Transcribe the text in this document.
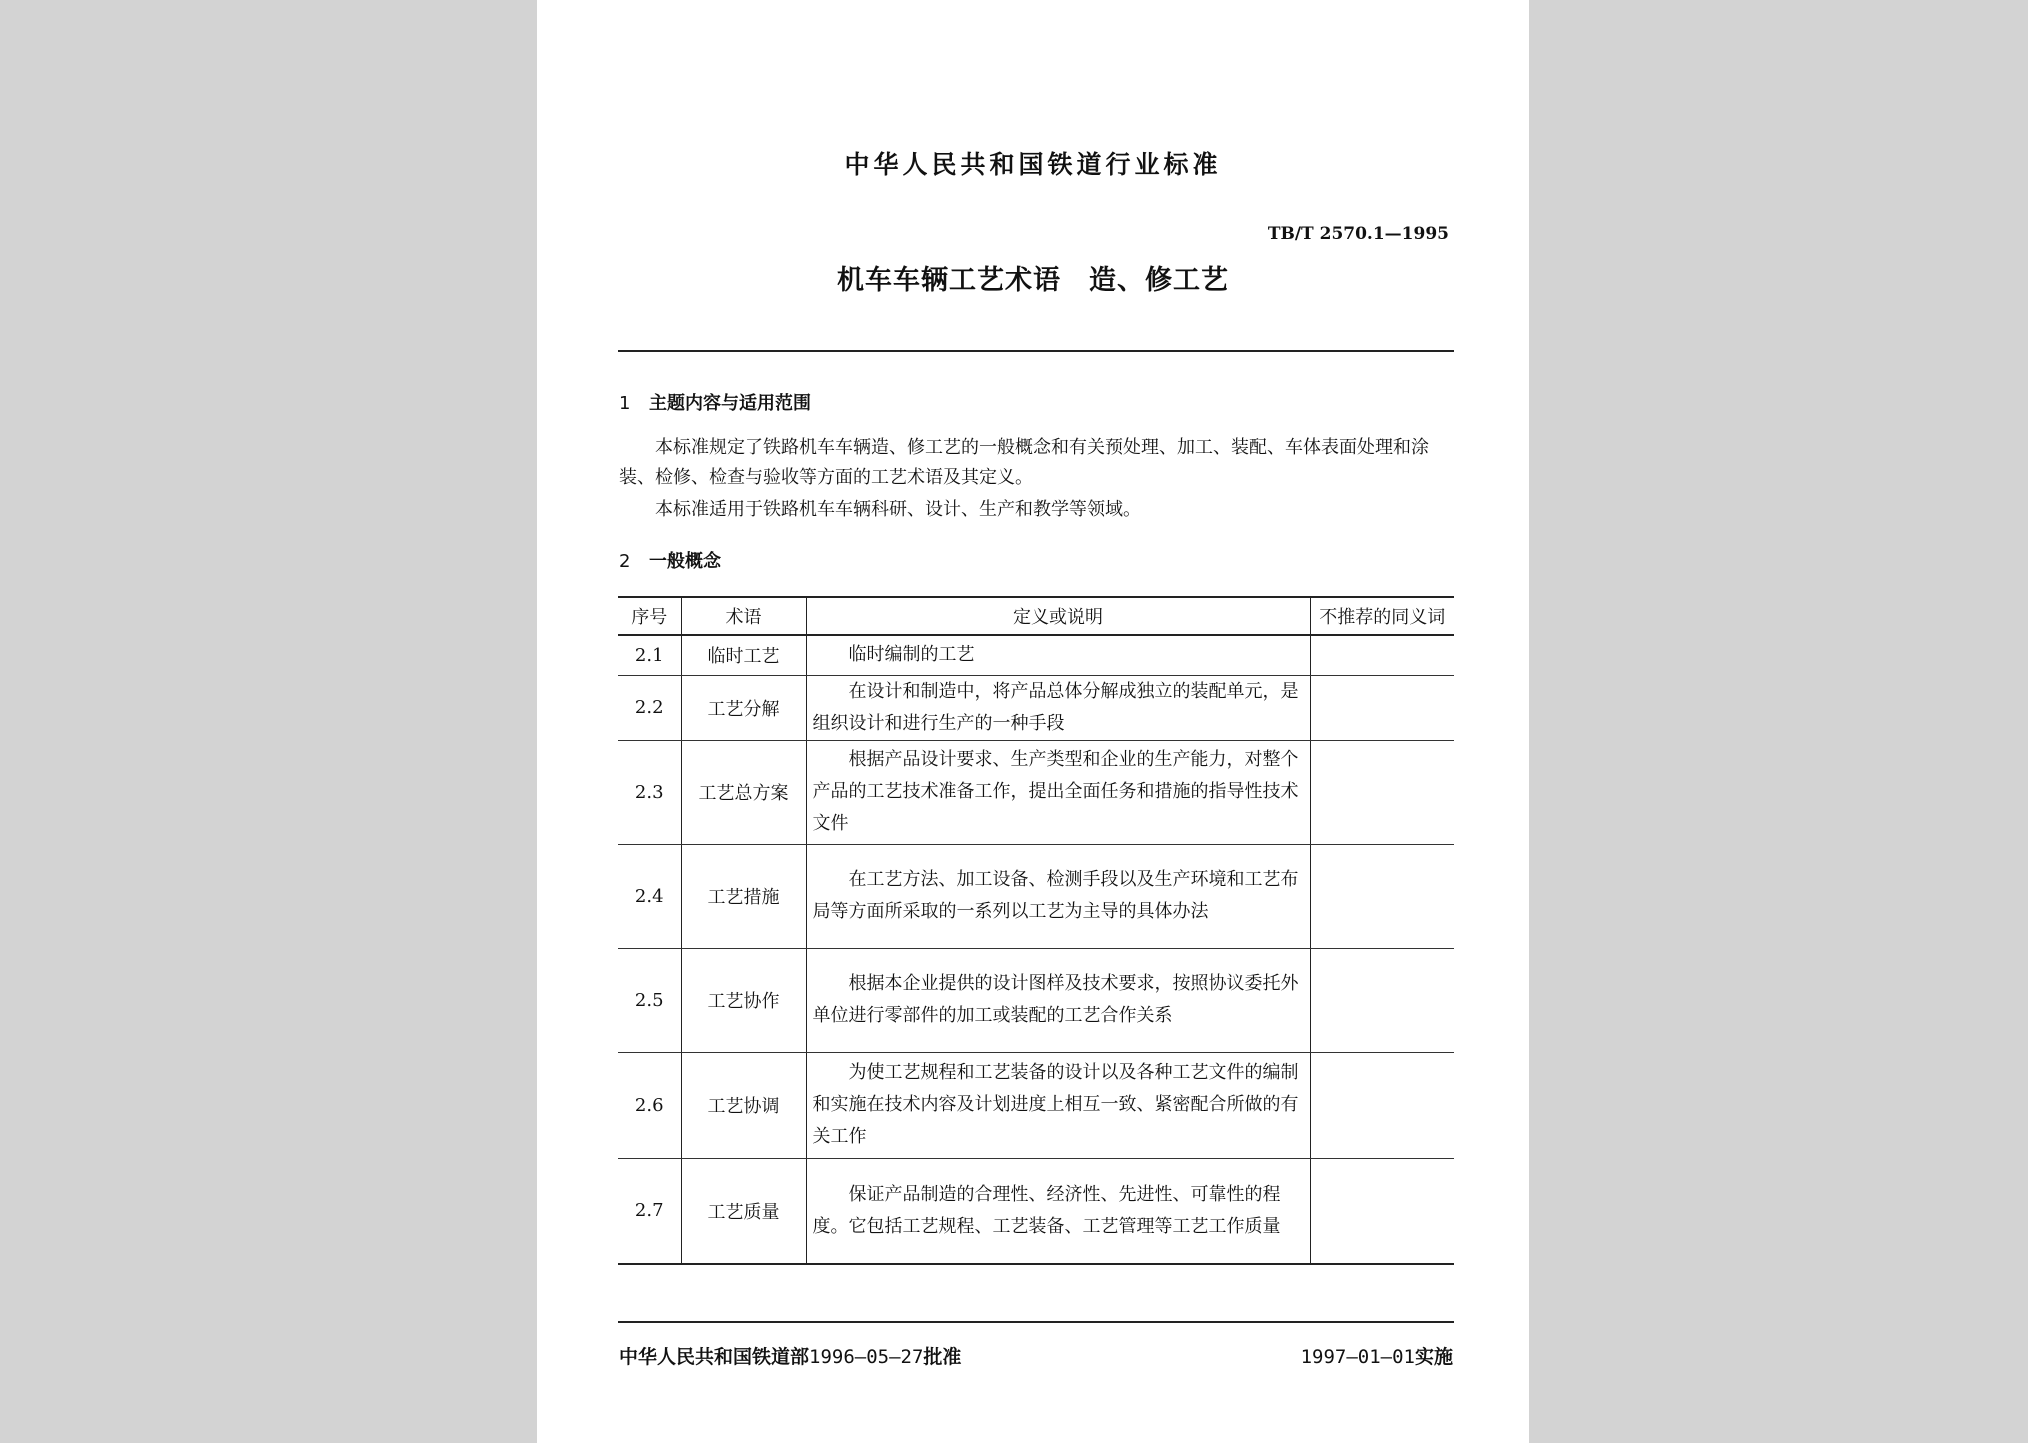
中华人民共和国铁道行业标准
TB/T 2570.1—1995
机车车辆工艺术语　造、修工艺
1 主题内容与适用范围
本标准规定了铁路机车车辆造、修工艺的一般概念和有关预处理、加工、装配、车体表面处理和涂装、检修、检查与验收等方面的工艺术语及其定义。
本标准适用于铁路机车车辆科研、设计、生产和教学等领域。
2 一般概念
序号	术语	定义或说明	不推荐的同义词
2.1	临时工艺	临时编制的工艺	
2.2	工艺分解	在设计和制造中，将产品总体分解成独立的装配单元，是组织设计和进行生产的一种手段	
2.3	工艺总方案	根据产品设计要求、生产类型和企业的生产能力，对整个产品的工艺技术准备工作，提出全面任务和措施的指导性技术文件	
2.4	工艺措施	在工艺方法、加工设备、检测手段以及生产环境和工艺布局等方面所采取的一系列以工艺为主导的具体办法	
2.5	工艺协作	根据本企业提供的设计图样及技术要求，按照协议委托外单位进行零部件的加工或装配的工艺合作关系	
2.6	工艺协调	为使工艺规程和工艺装备的设计以及各种工艺文件的编制和实施在技术内容及计划进度上相互一致、紧密配合所做的有关工作	
2.7	工艺质量	保证产品制造的合理性、经济性、先进性、可靠性的程度。它包括工艺规程、工艺装备、工艺管理等工艺工作质量	
中华人民共和国铁道部1996—05—27批准	1997—01—01实施
